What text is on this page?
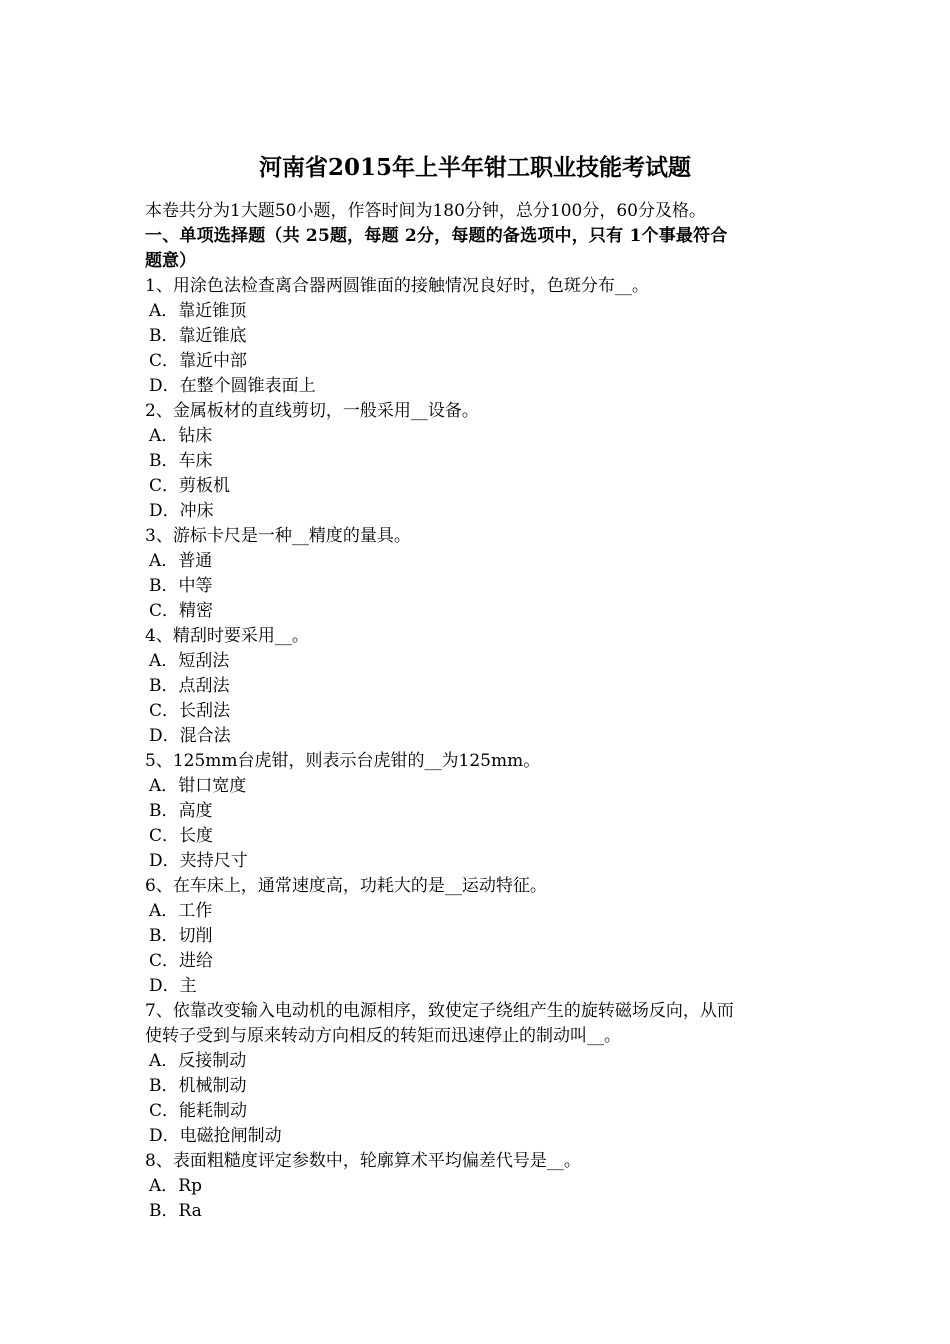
河南省2015年上半年钳工职业技能考试题
本卷共分为1大题50小题，作答时间为180分钟，总分100分，60分及格。
一、单项选择题（共 25题，每题 2分，每题的备选项中，只有 1个事最符合
题意）
1、用涂色法检查离合器两圆锥面的接触情况良好时，色斑分布__。
A．靠近锥顶
B．靠近锥底
C．靠近中部
D．在整个圆锥表面上
2、金属板材的直线剪切，一般采用__设备。
A．钻床
B．车床
C．剪板机
D．冲床
3、游标卡尺是一种__精度的量具。
A．普通
B．中等
C．精密
4、精刮时要采用__。
A．短刮法
B．点刮法
C．长刮法
D．混合法
5、125mm台虎钳，则表示台虎钳的__为125mm。
A．钳口宽度
B．高度
C．长度
D．夹持尺寸
6、在车床上，通常速度高，功耗大的是__运动特征。
A．工作
B．切削
C．进给
D．主
7、依靠改变输入电动机的电源相序，致使定子绕组产生的旋转磁场反向，从而
使转子受到与原来转动方向相反的转矩而迅速停止的制动叫__。
A．反接制动
B．机械制动
C．能耗制动
D．电磁抢闸制动
8、表面粗糙度评定参数中，轮廓算术平均偏差代号是__。
A．Rp
B．Ra
